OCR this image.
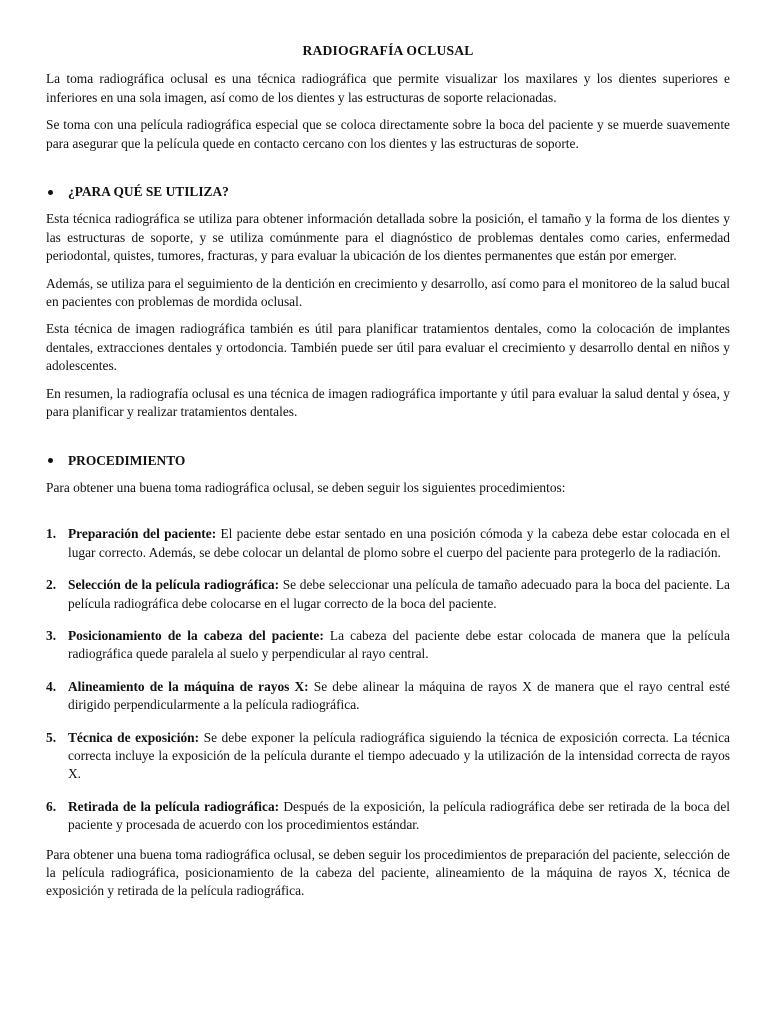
RADIOGRAFÍA OCLUSAL

La toma radiográfica oclusal es una técnica radiográfica que permite visualizar los maxilares y los dientes superiores e inferiores en una sola imagen, así como de los dientes y las estructuras de soporte relacionadas.

Se toma con una película radiográfica especial que se coloca directamente sobre la boca del paciente y se muerde suavemente para asegurar que la película quede en contacto cercano con los dientes y las estructuras de soporte.

¿PARA QUÉ SE UTILIZA?

Esta técnica radiográfica se utiliza para obtener información detallada sobre la posición, el tamaño y la forma de los dientes y las estructuras de soporte, y se utiliza comúnmente para el diagnóstico de problemas dentales como caries, enfermedad periodontal, quistes, tumores, fracturas, y para evaluar la ubicación de los dientes permanentes que están por emerger.

Además, se utiliza para el seguimiento de la dentición en crecimiento y desarrollo, así como para el monitoreo de la salud bucal en pacientes con problemas de mordida oclusal.

Esta técnica de imagen radiográfica también es útil para planificar tratamientos dentales, como la colocación de implantes dentales, extracciones dentales y ortodoncia. También puede ser útil para evaluar el crecimiento y desarrollo dental en niños y adolescentes.

En resumen, la radiografía oclusal es una técnica de imagen radiográfica importante y útil para evaluar la salud dental y ósea, y para planificar y realizar tratamientos dentales.

PROCEDIMIENTO

Para obtener una buena toma radiográfica oclusal, se deben seguir los siguientes procedimientos:

1. Preparación del paciente: El paciente debe estar sentado en una posición cómoda y la cabeza debe estar colocada en el lugar correcto. Además, se debe colocar un delantal de plomo sobre el cuerpo del paciente para protegerlo de la radiación.
2. Selección de la película radiográfica: Se debe seleccionar una película de tamaño adecuado para la boca del paciente. La película radiográfica debe colocarse en el lugar correcto de la boca del paciente.
3. Posicionamiento de la cabeza del paciente: La cabeza del paciente debe estar colocada de manera que la película radiográfica quede paralela al suelo y perpendicular al rayo central.
4. Alineamiento de la máquina de rayos X: Se debe alinear la máquina de rayos X de manera que el rayo central esté dirigido perpendicularmente a la película radiográfica.
5. Técnica de exposición: Se debe exponer la película radiográfica siguiendo la técnica de exposición correcta. La técnica correcta incluye la exposición de la película durante el tiempo adecuado y la utilización de la intensidad correcta de rayos X.
6. Retirada de la película radiográfica: Después de la exposición, la película radiográfica debe ser retirada de la boca del paciente y procesada de acuerdo con los procedimientos estándar.

Para obtener una buena toma radiográfica oclusal, se deben seguir los procedimientos de preparación del paciente, selección de la película radiográfica, posicionamiento de la cabeza del paciente, alineamiento de la máquina de rayos X, técnica de exposición y retirada de la película radiográfica.
